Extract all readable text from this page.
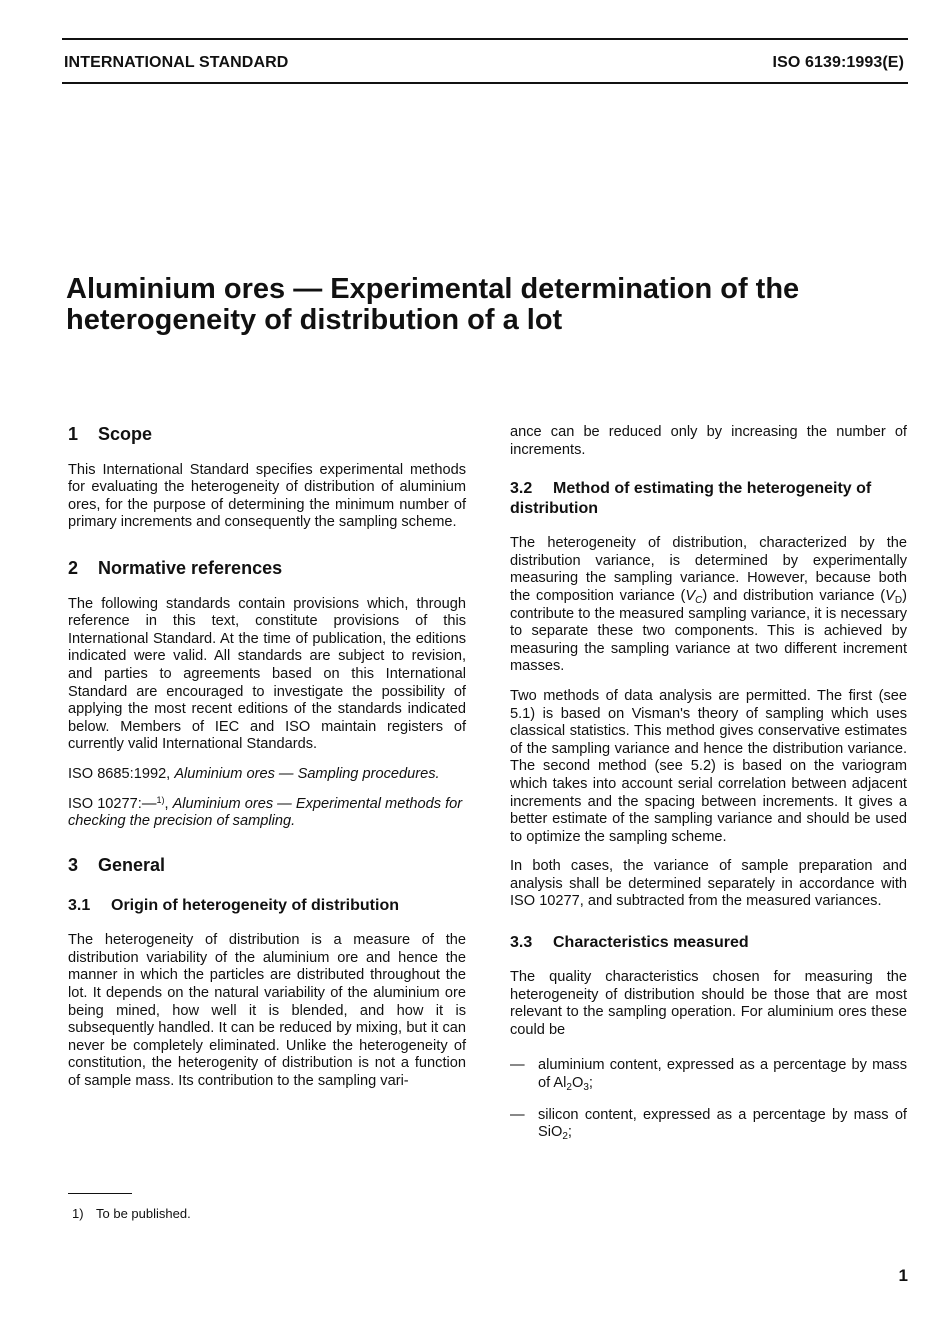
INTERNATIONAL STANDARD	ISO 6139:1993(E)
Aluminium ores — Experimental determination of the
heterogeneity of distribution of a lot
1 Scope

This International Standard specifies experimental methods for evaluating the heterogeneity of distribution of aluminium ores, for the purpose of determining the minimum number of primary increments and consequently the sampling scheme.

2 Normative references

The following standards contain provisions which, through reference in this text, constitute provisions of this International Standard. At the time of publication, the editions indicated were valid. All standards are subject to revision, and parties to agreements based on this International Standard are encouraged to investigate the possibility of applying the most recent editions of the standards indicated below. Members of IEC and ISO maintain registers of currently valid International Standards.

ISO 8685:1992, Aluminium ores — Sampling procedures.

ISO 10277:—$^{1)}$, Aluminium ores — Experimental methods for checking the precision of sampling.

3 General
3.1 Origin of heterogeneity of distribution

The heterogeneity of distribution is a measure of the distribution variability of the aluminium ore and hence the manner in which the particles are distributed throughout the lot. It depends on the natural variability of the aluminium ore being mined, how well it is blended, and how it is subsequently handled. It can be reduced by mixing, but it can never be completely eliminated. Unlike the heterogeneity of constitution, the heterogenity of distribution is not a function of sample mass. Its contribution to the sampling vari-

ance can be reduced only by increasing the number of increments.

3.2 Method of estimating the heterogeneity of distribution

The heterogeneity of distribution, characterized by the distribution variance, is determined by experimentally measuring the sampling variance. However, because both the composition variance $(V_C)$ and distribution variance $(V_D)$ contribute to the measured sampling variance, it is necessary to separate these two components. This is achieved by measuring the sampling variance at two different increment masses.

Two methods of data analysis are permitted. The first (see 5.1) is based on Visman's theory of sampling which uses classical statistics. This method gives conservative estimates of the sampling variance and hence the distribution variance. The second method (see 5.2) is based on the variogram which takes into account serial correlation between adjacent increments and the spacing between increments. It gives a better estimate of the sampling variance and should be used to optimize the sampling scheme.

In both cases, the variance of sample preparation and analysis shall be determined separately in accordance with ISO 10277, and subtracted from the measured variances.

3.3 Characteristics measured

The quality characteristics chosen for measuring the heterogeneity of distribution should be those that are most relevant to the sampling operation. For aluminium ores these could be

— aluminium content, expressed as a percentage by mass of $Al_2O_3$;
— silicon content, expressed as a percentage by mass of SiO$_2$;
1) To be published.
1
